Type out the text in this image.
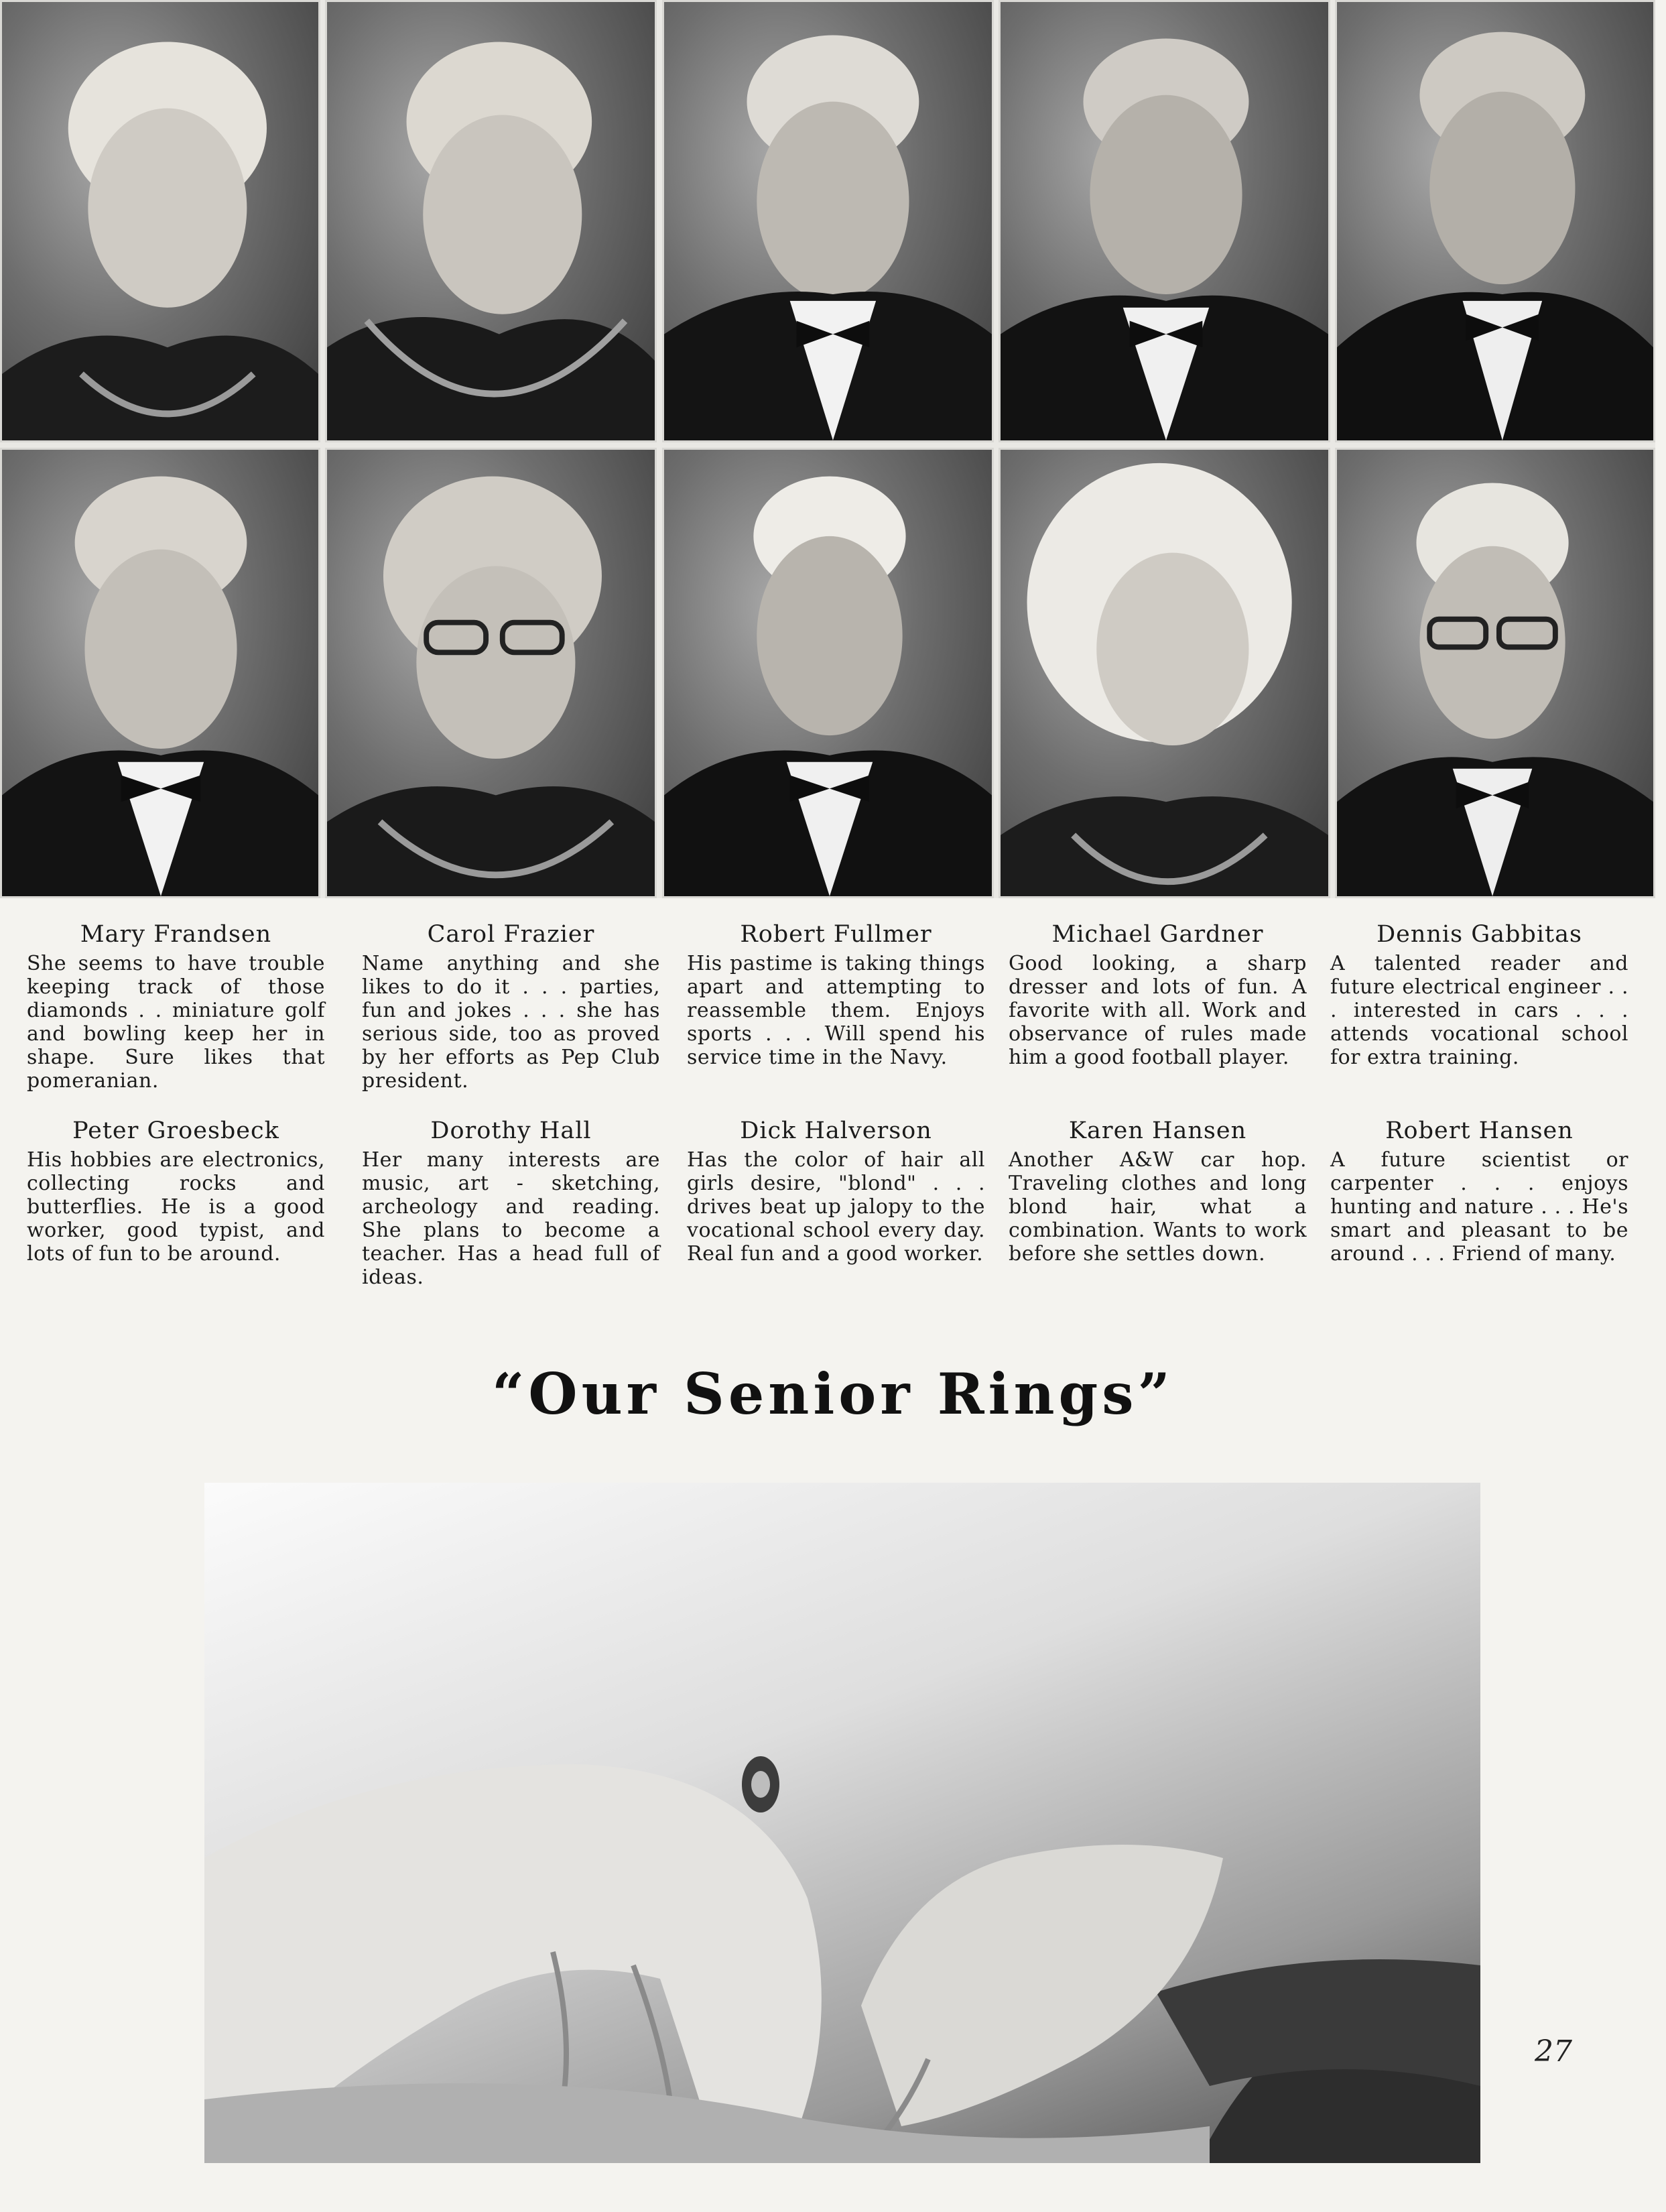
Mary Frandsen
She seems to have trouble keeping track of those diamonds . . miniature golf and bowling keep her in shape. Sure likes that pomeranian.
Carol Frazier
Name anything and she likes to do it . . . parties, fun and jokes . . . she has serious side, too as proved by her efforts as Pep Club president.
Robert Fullmer
His pastime is taking things apart and attempting to reassemble them. Enjoys sports . . . Will spend his service time in the Navy.
Michael Gardner
Good looking, a sharp dresser and lots of fun. A favorite with all. Work and observance of rules made him a good football player.
Dennis Gabbitas
A talented reader and future electrical engineer . . . interested in cars . . . attends vocational school for extra training.
Peter Groesbeck
His hobbies are electronics, collecting rocks and butterflies. He is a good worker, good typist, and lots of fun to be around.
Dorothy Hall
Her many interests are music, art - sketching, archeology and reading. She plans to become a teacher. Has a head full of ideas.
Dick Halverson
Has the color of hair all girls desire, "blond" . . . drives beat up jalopy to the vocational school every day. Real fun and a good worker.
Karen Hansen
Another A&W car hop. Traveling clothes and long blond hair, what a combination. Wants to work before she settles down.
Robert Hansen
A future scientist or carpenter . . . enjoys hunting and nature . . . He's smart and pleasant to be around . . . Friend of many.
“Our Senior Rings”
27
